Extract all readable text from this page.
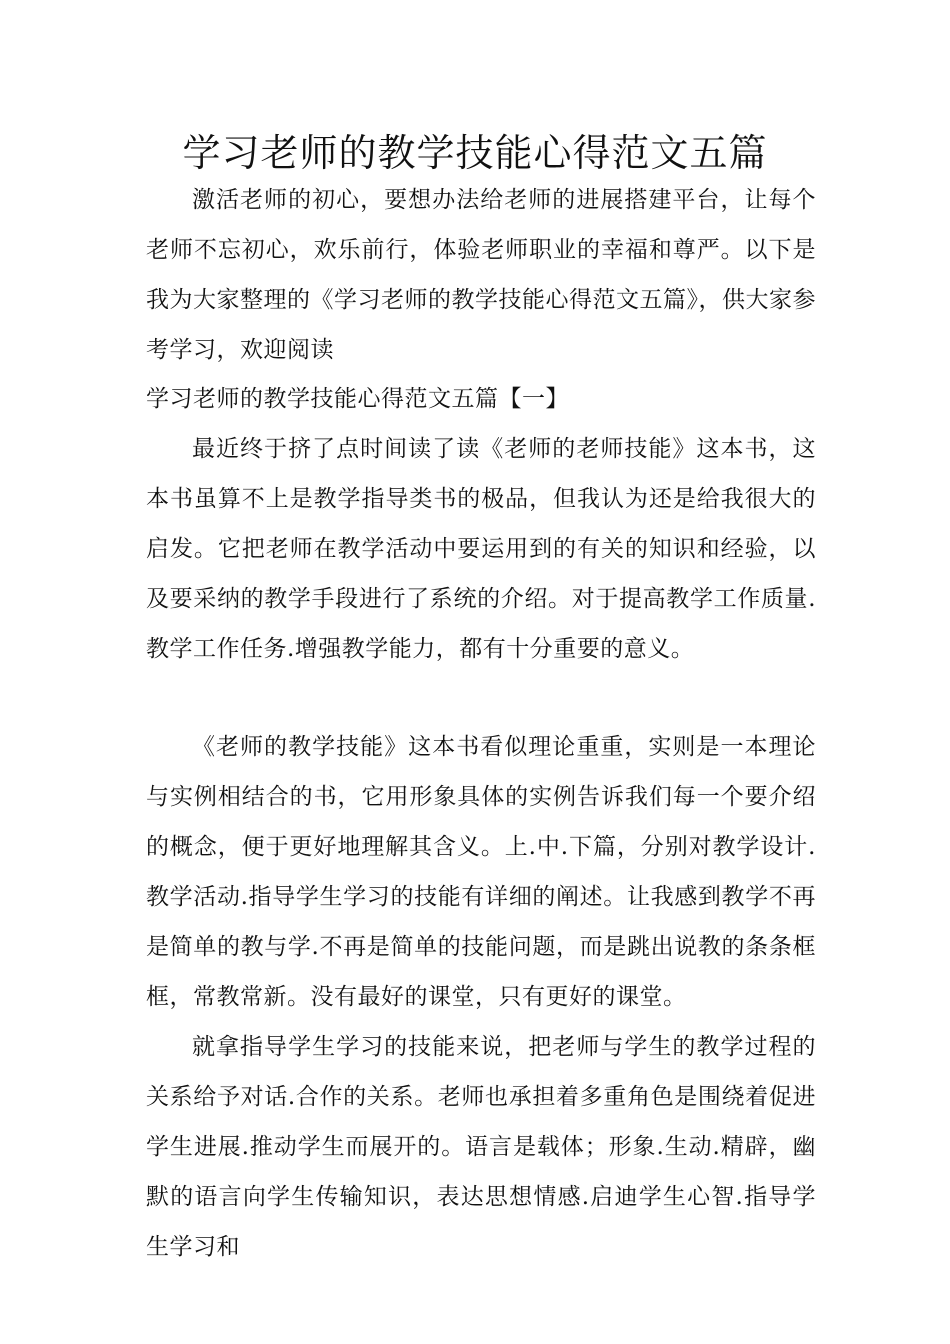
学习老师的教学技能心得范文五篇

激活老师的初心，要想办法给老师的进展搭建平台，让每个老师不忘初心，欢乐前行，体验老师职业的幸福和尊严。以下是我为大家整理的《学习老师的教学技能心得范文五篇》，供大家参考学习，欢迎阅读

学习老师的教学技能心得范文五篇【一】

最近终于挤了点时间读了读《老师的老师技能》这本书，这本书虽算不上是教学指导类书的极品，但我认为还是给我很大的启发。它把老师在教学活动中要运用到的有关的知识和经验，以及要采纳的教学手段进行了系统的介绍。对于提高教学工作质量.教学工作任务.增强教学能力，都有十分重要的意义。

《老师的教学技能》这本书看似理论重重，实则是一本理论与实例相结合的书，它用形象具体的实例告诉我们每一个要介绍的概念，便于更好地理解其含义。上.中.下篇，分别对教学设计.教学活动.指导学生学习的技能有详细的阐述。让我感到教学不再是简单的教与学.不再是简单的技能问题，而是跳出说教的条条框框，常教常新。没有最好的课堂，只有更好的课堂。

就拿指导学生学习的技能来说，把老师与学生的教学过程的关系给予对话.合作的关系。老师也承担着多重角色是围绕着促进学生进展.推动学生而展开的。语言是载体；形象.生动.精辟，幽默的语言向学生传输知识，表达思想情感.启迪学生心智.指导学生学习和
